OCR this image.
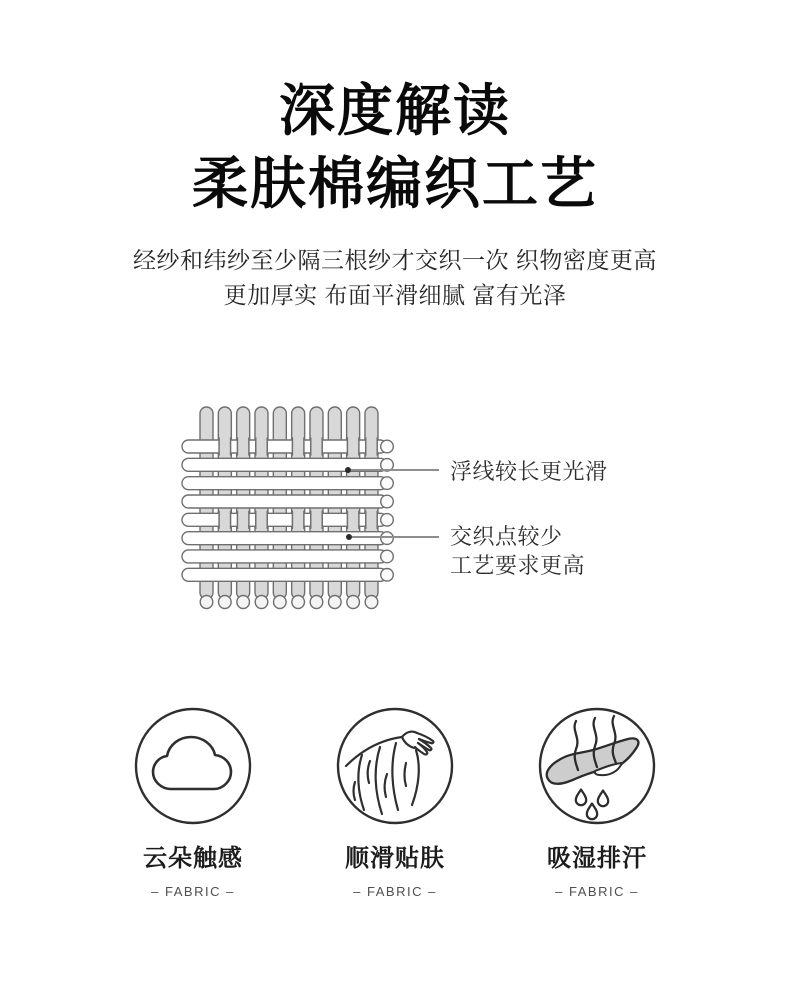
深度解读
柔肤棉编织工艺
经纱和纬纱至少隔三根纱才交织一次 织物密度更高
更加厚实 布面平滑细腻 富有光泽
浮线较长更光滑
交织点较少
工艺要求更高
云朵触感
– FABRIC –
顺滑贴肤
– FABRIC –
吸湿排汗
– FABRIC –
